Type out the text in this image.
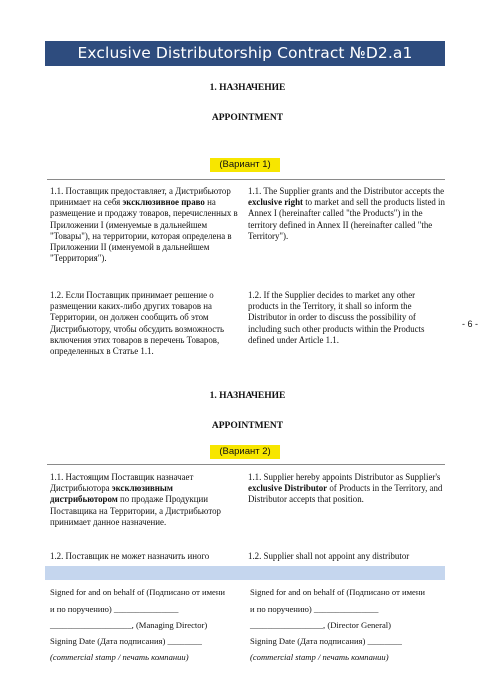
Exclusive Distributorship Contract №D2.a1
1. НАЗНАЧЕНИЕ
APPOINTMENT
(Вариант 1)
1.1. Поставщик предоставляет, а Дистрибьютор принимает на себя эксклюзивное право на размещение и продажу товаров, перечисленных в Приложении I (именуемые в дальнейшем "Товары"), на территории, которая определена в Приложении II (именуемой в дальнейшем "Территория").
1.1. The Supplier grants and the Distributor accepts the exclusive right to market and sell the products listed in Annex I (hereinafter called "the Products") in the territory defined in Annex II (hereinafter called "the Territory").
1.2. Если Поставщик принимает решение о размещении каких-либо других товаров на Территории, он должен сообщить об этом Дистрибьютору, чтобы обсудить возможность включения этих товаров в перечень Товаров, определенных в Статье 1.1.
1.2. If the Supplier decides to market any other products in the Territory, it shall so inform the Distributor in order to discuss the possibility of including such other products within the Products defined under Article 1.1.
- 6 -
1. НАЗНАЧЕНИЕ
APPOINTMENT
(Вариант 2)
1.1. Настоящим Поставщик назначает Дистрибьютора эксклюзивным дистрибьютором по продаже Продукции Поставщика на Территории, а Дистрибьютор принимает данное назначение.
1.1. Supplier hereby appoints Distributor as Supplier's exclusive Distributor of Products in the Territory, and Distributor accepts that position.
1.2. Поставщик не может назначить иного	1.2. Supplier shall not appoint any distributor
Signed for and on behalf of (Подписано от имени
и по поручению) _______________
___________________, (Managing Director)
Signing Date (Дата подписания) ________
(commercial stamp / печать компании)
Signed for and on behalf of (Подписано от имени
и по поручению) _______________
_________________, (Director General)
Signing Date (Дата подписания) ________
(commercial stamp / печать компании)
